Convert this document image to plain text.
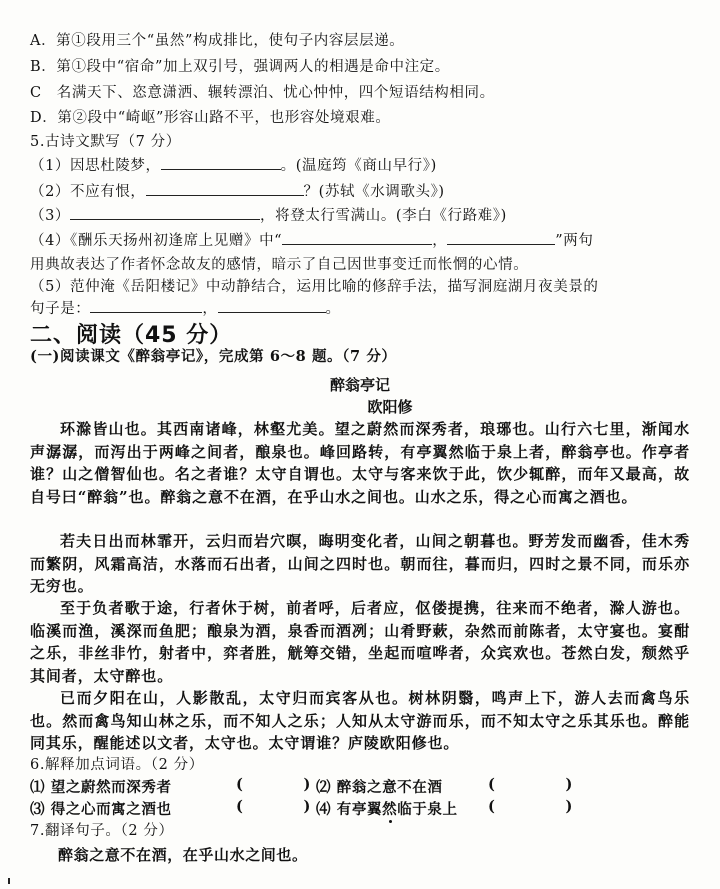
A．第①段用三个“虽然”构成排比，使句子内容层层递。
B．第①段中“宿命”加上双引号，强调两人的相遇是命中注定。
C　名满天下、恣意潇洒、辗转漂泊、忧心忡忡，四个短语结构相同。
D．第②段中“崎岖”形容山路不平，也形容处境艰难。
5.古诗文默写（7 分）
（1）因思杜陵梦，	。(温庭筠《商山早行》)
（2）不应有恨，	？(苏轼《水调歌头》)
（3）	，将登太行雪满山。(李白《行路难》)
（4）《酬乐天扬州初逢席上见赠》中“	，	”两句
用典故表达了作者怀念故友的感情，暗示了自己因世事变迁而怅惘的心情。
（5）范仲淹《岳阳楼记》中动静结合，运用比喻的修辞手法，描写洞庭湖月夜美景的
句子是：	，	。
二、阅读（45 分）
(一)阅读课文《醉翁亭记》，完成第 6～8 题。（7 分）
醉翁亭记
欧阳修
环滁皆山也。其西南诸峰，林壑尤美。望之蔚然而深秀者，琅琊也。山行六七里，渐闻水声潺潺，而泻出于两峰之间者，酿泉也。峰回路转，有亭翼然临于泉上者，醉翁亭也。作亭者谁？山之僧智仙也。名之者谁？太守自谓也。太守与客来饮于此，饮少辄醉，而年又最高，故自号曰“醉翁”也。醉翁之意不在酒，在乎山水之间也。山水之乐，得之心而寓之酒也。
若夫日出而林霏开，云归而岩穴暝，晦明变化者，山间之朝暮也。野芳发而幽香，佳木秀而繁阴，风霜高洁，水落而石出者，山间之四时也。朝而往，暮而归，四时之景不同，而乐亦无穷也。
至于负者歌于途，行者休于树，前者呼，后者应，伛偻提携，往来而不绝者，滁人游也。临溪而渔，溪深而鱼肥；酿泉为酒，泉香而酒冽；山肴野蔌，杂然而前陈者，太守宴也。宴酣之乐，非丝非竹，射者中，弈者胜，觥筹交错，坐起而喧哗者，众宾欢也。苍然白发，颓然乎其间者，太守醉也。
已而夕阳在山，人影散乱，太守归而宾客从也。树林阴翳，鸣声上下，游人去而禽鸟乐也。然而禽鸟知山林之乐，而不知人之乐；人知从太守游而乐，而不知太守之乐其乐也。醉能同其乐，醒能述以文者，太守也。太守谓谁？庐陵欧阳修也。
6.解释加点词语。（2 分）
⑴ 望之蔚然而深秀者	(	) ⑵ 醉翁之意不在酒	(	)
⑶ 得之心而寓之酒也	(	) ⑷ 有亭翼然临于泉上 (	)
7.翻译句子。（2 分）
醉翁之意不在酒，在乎山水之间也。
